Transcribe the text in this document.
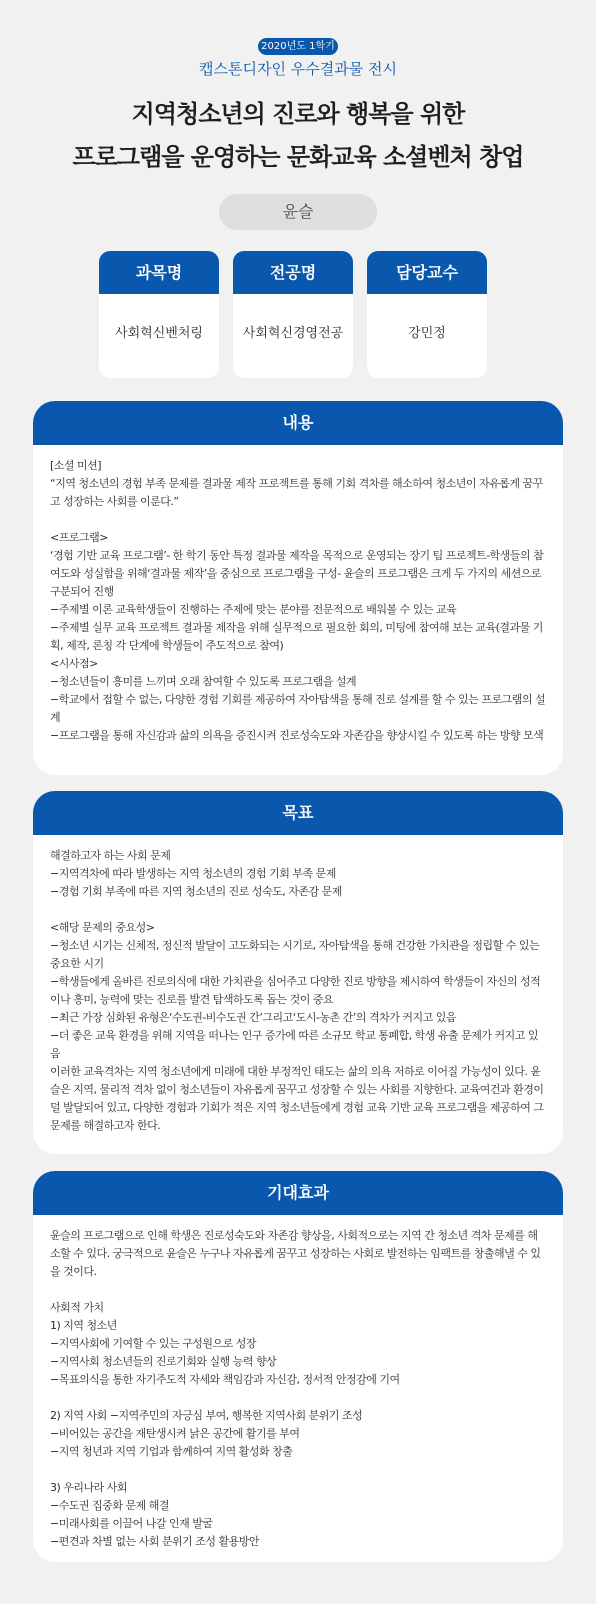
2020년도 1학기
캡스톤디자인 우수결과물 전시
지역청소년의 진로와 행복을 위한
프로그램을 운영하는 문화교육 소셜벤처 창업
윤슬
과목명
사회혁신벤처링
전공명
사회혁신경영전공
담당교수
강민정
내용
[소셜 미션]
“지역 청소년의 경험 부족 문제를 결과물 제작 프로젝트를 통해 기회 격차를 해소하여 청소년이 자유롭게 꿈꾸고 성장하는 사회를 이룬다.”

<프로그램>
‘경험 기반 교육 프로그램’- 한 학기 동안 특정 결과물 제작을 목적으로 운영되는 장기 팀 프로젝트-학생들의 참여도와 성실함을 위해‘결과물 제작’을 중심으로 프로그램을 구성- 윤슬의 프로그램은 크게 두 가지의 세션으로 구분되어 진행
−주제별 이론 교육학생들이 진행하는 주제에 맞는 분야를 전문적으로 배워볼 수 있는 교육
−주제별 실무 교육 프로젝트 결과물 제작을 위해 실무적으로 필요한 회의, 미팅에 참여해 보는 교육(결과물 기획, 제작, 론칭 각 단계에 학생들이 주도적으로 참여)
<시사점>
−청소년들이 흥미를 느끼며 오래 참여할 수 있도록 프로그램을 설계
−학교에서 접할 수 없는, 다양한 경험 기회를 제공하여 자아탐색을 통해 진로 설계를 할 수 있는 프로그램의 설계
−프로그램을 통해 자신감과 삶의 의욕을 증진시켜 진로성숙도와 자존감을 향상시킬 수 있도록 하는 방향 모색
목표
해결하고자 하는 사회 문제
−지역격차에 따라 발생하는 지역 청소년의 경험 기회 부족 문제
−경험 기회 부족에 따른 지역 청소년의 진로 성숙도, 자존감 문제

<해당 문제의 중요성>
−청소년 시기는 신체적, 정신적 발달이 고도화되는 시기로, 자아탐색을 통해 건강한 가치관을 정립할 수 있는 중요한 시기
−학생들에게 올바른 진로의식에 대한 가치관을 심어주고 다양한 진로 방향을 제시하여 학생들이 자신의 성적이나 흥미, 능력에 맞는 진로를 발견 탐색하도록 돕는 것이 중요
−최근 가장 심화된 유형은‘수도권-비수도권 간’그리고‘도시-농촌 간’의 격차가 커지고 있음
−더 좋은 교육 환경을 위해 지역을 떠나는 인구 증가에 따른 소규모 학교 통폐합, 학생 유출 문제가 커지고 있음
이러한 교육격차는 지역 청소년에게 미래에 대한 부정적인 태도는 삶의 의욕 저하로 이어질 가능성이 있다. 윤슬은 지역, 물리적 격차 없이 청소년들이 자유롭게 꿈꾸고 성장할 수 있는 사회를 지향한다. 교육여건과 환경이 덜 발달되어 있고, 다양한 경험과 기회가 적은 지역 청소년들에게 경험 교육 기반 교육 프로그램을 제공하여 그 문제를 해결하고자 한다.
기대효과
윤슬의 프로그램으로 인해 학생은 진로성숙도와 자존감 향상을, 사회적으로는 지역 간 청소년 격차 문제를 해소할 수 있다. 궁극적으로 윤슬은 누구나 자유롭게 꿈꾸고 성장하는 사회로 발전하는 임팩트를 창출해낼 수 있을 것이다.

사회적 가치
1) 지역 청소년
−지역사회에 기여할 수 있는 구성원으로 성장
−지역사회 청소년들의 진로기회와 실행 능력 향상
−목표의식을 통한 자기주도적 자세와 책임감과 자신감, 정서적 안정감에 기여

2) 지역 사회 −지역주민의 자긍심 부여, 행복한 지역사회 분위기 조성
−비어있는 공간을 재탄생시켜 낡은 공간에 활기를 부여
−지역 청년과 지역 기업과 함께하여 지역 활성화 창출

3) 우리나라 사회
−수도권 집중화 문제 해결
−미래사회를 이끌어 나갈 인재 발굴
−편견과 차별 없는 사회 분위기 조성 활용방안
